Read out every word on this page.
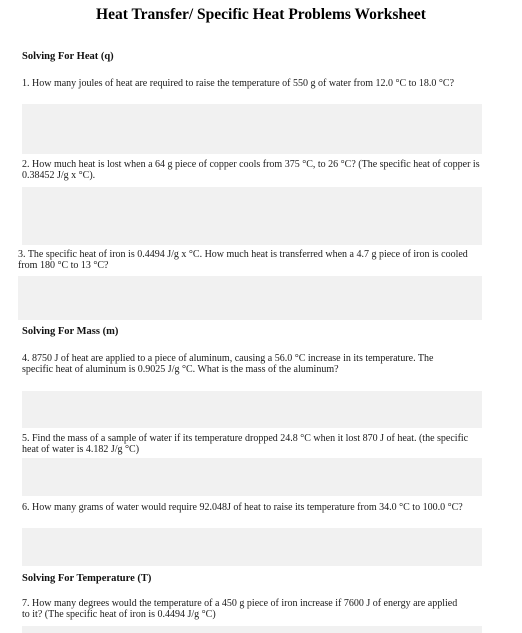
Heat Transfer/ Specific Heat Problems Worksheet
Solving For Heat (q)
1. How many joules of heat are required to raise the temperature of 550 g of water from 12.0 °C to 18.0 °C?
2. How much heat is lost when a 64 g piece of copper cools from 375 °C, to 26 °C? (The specific heat of copper is 0.38452 J/g x °C).
3. The specific heat of iron is 0.4494 J/g x °C. How much heat is transferred when a 4.7 g piece of iron is cooled from 180 °C to 13 °C?
Solving For Mass (m)
4. 8750 J of heat are applied to a piece of aluminum, causing a 56.0 °C increase in its temperature. The specific heat of aluminum is 0.9025 J/g °C. What is the mass of the aluminum?
5. Find the mass of a sample of water if its temperature dropped 24.8 °C when it lost 870 J of heat. (the specific heat of water is 4.182 J/g °C)
6. How many grams of water would require 92.048J of heat to raise its temperature from 34.0 °C to 100.0 °C?
Solving For Temperature (T)
7. How many degrees would the temperature of a 450 g piece of iron increase if 7600 J of energy are applied to it? (The specific heat of iron is 0.4494 J/g °C)
